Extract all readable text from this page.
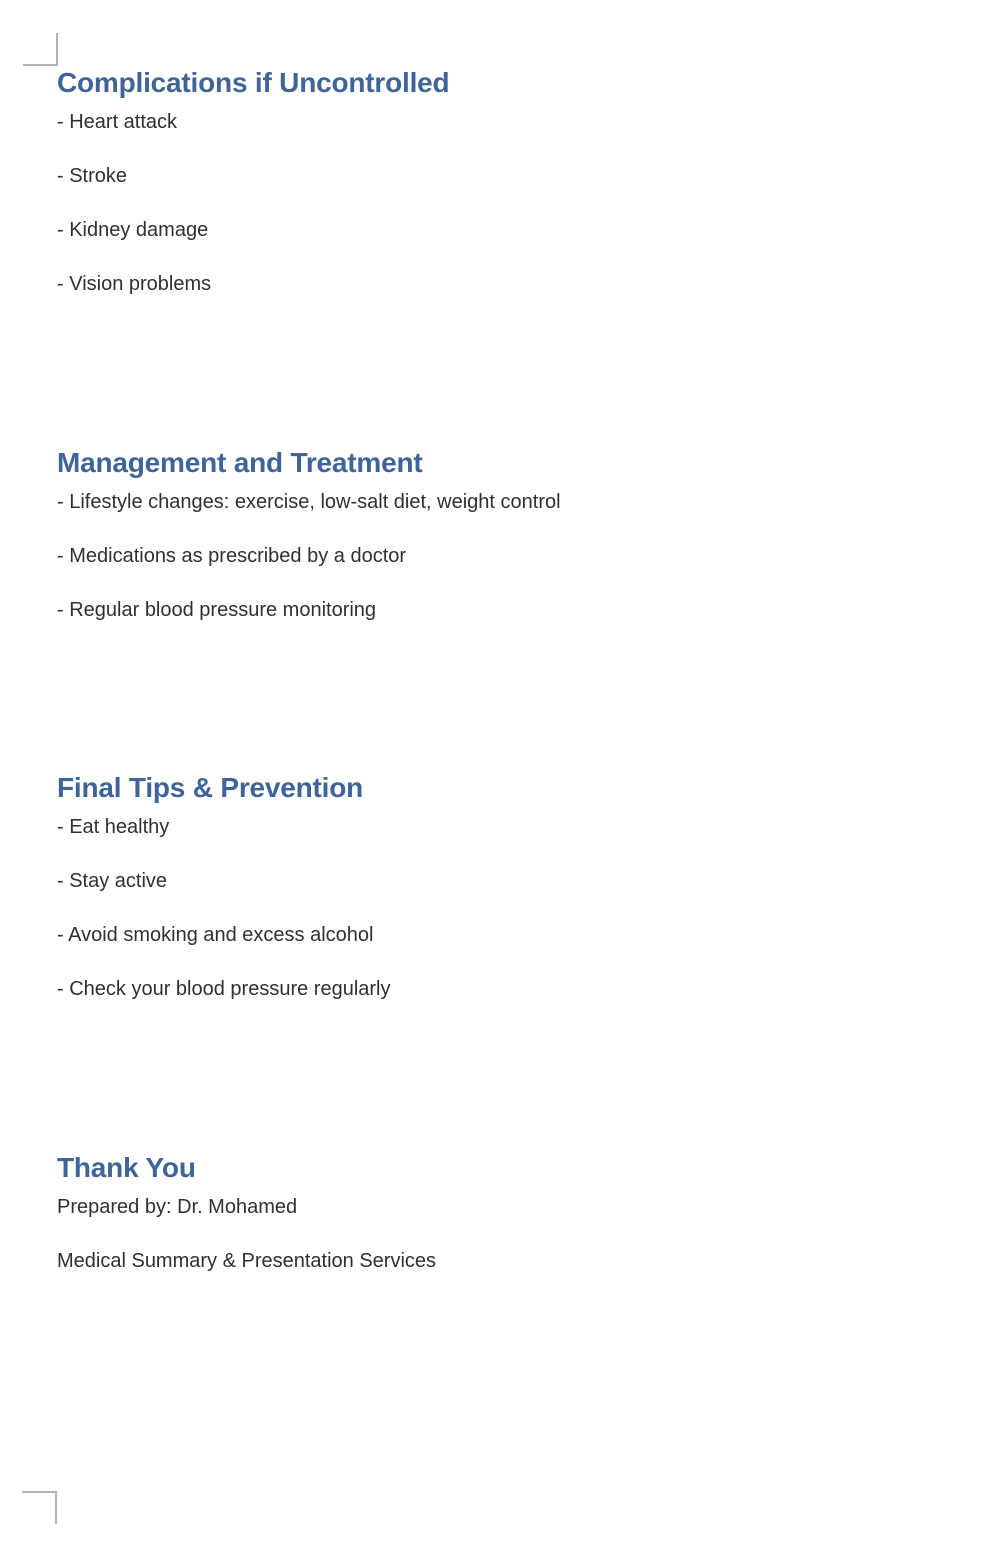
Complications if Uncontrolled

- Heart attack

- Stroke

- Kidney damage

- Vision problems

Management and Treatment

- Lifestyle changes: exercise, low-salt diet, weight control

- Medications as prescribed by a doctor

- Regular blood pressure monitoring

Final Tips & Prevention

- Eat healthy

- Stay active

- Avoid smoking and excess alcohol

- Check your blood pressure regularly

Thank You

Prepared by: Dr. Mohamed

Medical Summary & Presentation Services
